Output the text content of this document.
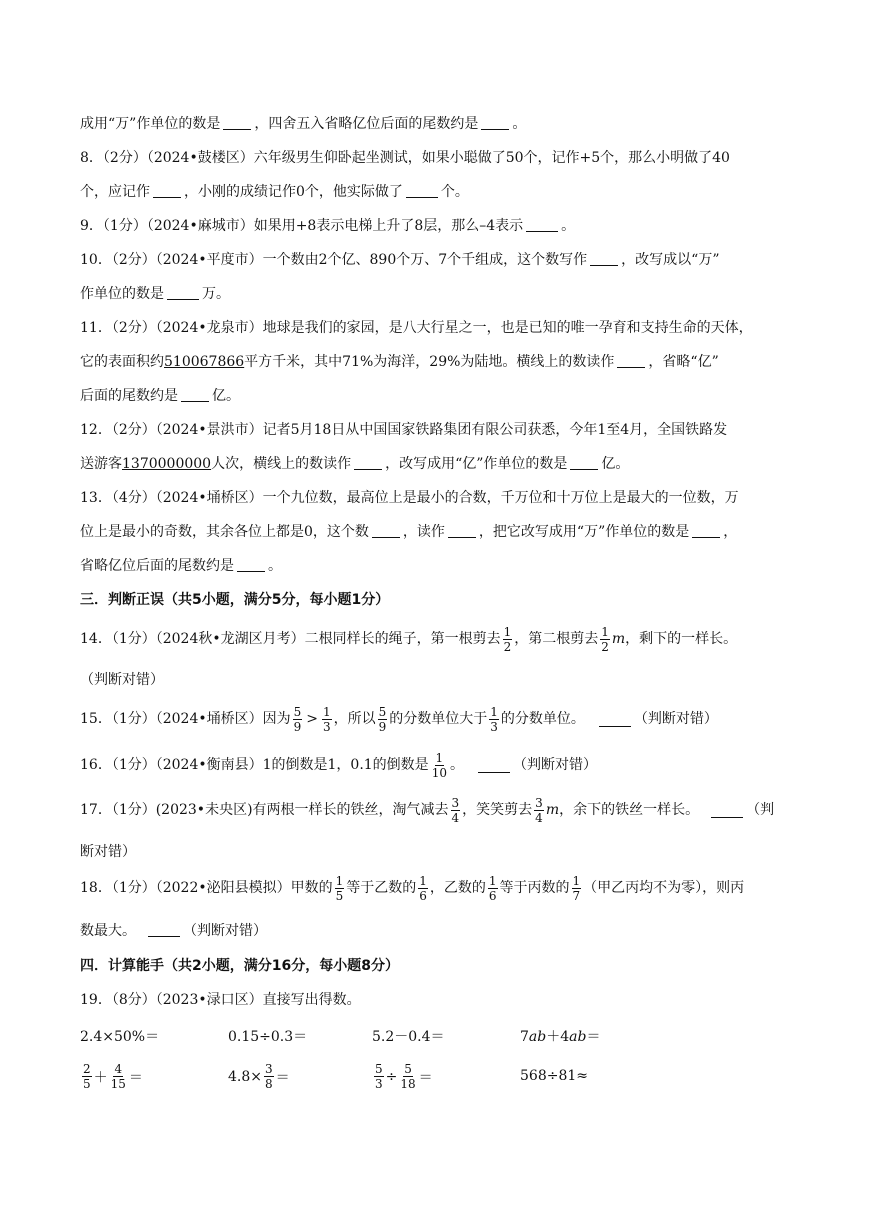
成用“万”作单位的数是 ，四舍五入省略亿位后面的尾数约是 。
8．（2分）（2024•鼓楼区）六年级男生仰卧起坐测试，如果小聪做了50个，记作+5个，那么小明做了40
个，应记作 ，小刚的成绩记作0个，他实际做了	个。
9．（1分）（2024•麻城市）如果用+8表示电梯上升了8层，那么–4表示	。
10．（2分）（2024•平度市）一个数由2个亿、890个万、7个千组成，这个数写作 ，改写成以“万”
作单位的数是	万。
11．（2分）（2024•龙泉市）地球是我们的家园，是八大行星之一，也是已知的唯一孕育和支持生命的天体，
它的表面积约510067866平方千米，其中71%为海洋，29%为陆地。横线上的数读作 ，省略“亿”
后面的尾数约是 亿。
12．（2分）（2024•景洪市）记者5月18日从中国国家铁路集团有限公司获悉，今年1至4月，全国铁路发
送游客1370000000人次，横线上的数读作 ，改写成用“亿”作单位的数是 亿。
13．（4分）（2024•埇桥区）一个九位数，最高位上是最小的合数，千万位和十万位上是最大的一位数，万
位上是最小的奇数，其余各位上都是0，这个数 ，读作 ，把它改写成用“万”作单位的数是 ，
省略亿位后面的尾数约是 。
三．判断正误（共5小题，满分5分，每小题1分）
14．（1分）（2024秋•龙湖区月考）二根同样长的绳子，第一根剪去 $\frac{1}{2}$ ，第二根剪去 $\frac{1}{2}$ m ，剩下的一样长。
（判断对错）
15．（1分）（2024•埇桥区）因为 $\frac{5}{9} > \frac{1}{3}$ ，所以 $\frac{5}{9}$ 的分数单位大于 $\frac{1}{3}$ 的分数单位。	（判断对错）
16．（1分）（2024•衡南县）1的倒数是1，0.1的倒数是 $\frac{1}{10}$ 。	（判断对错）
17．（1分）(2023•未央区)有两根一样长的铁丝，淘气减去 $\frac{3}{4}$ ，笑笑剪去 $\frac{3}{4}$ m ，余下的铁丝一样长。	（判
断对错）
18．（1分）（2022•泌阳县模拟）甲数的 $\frac{1}{5}$ 等于乙数的 $\frac{1}{6}$ ，乙数的 $\frac{1}{6}$ 等于丙数的 $\frac{1}{7}$ （甲乙丙均不为零），则丙
数最大。	（判断对错）
四．计算能手（共2小题，满分16分，每小题8分）
19．（8分）（2023•渌口区）直接写出得数。
2.4×50%＝	0.15÷0.3＝	5.2－0.4＝	7ab＋4ab＝
$\frac{2}{5} + \frac{4}{15}$ ＝	$4.8\times \frac{3}{8}$ ＝	$\frac{5}{3} \div \frac{5}{18}$ ＝	568÷81≈
